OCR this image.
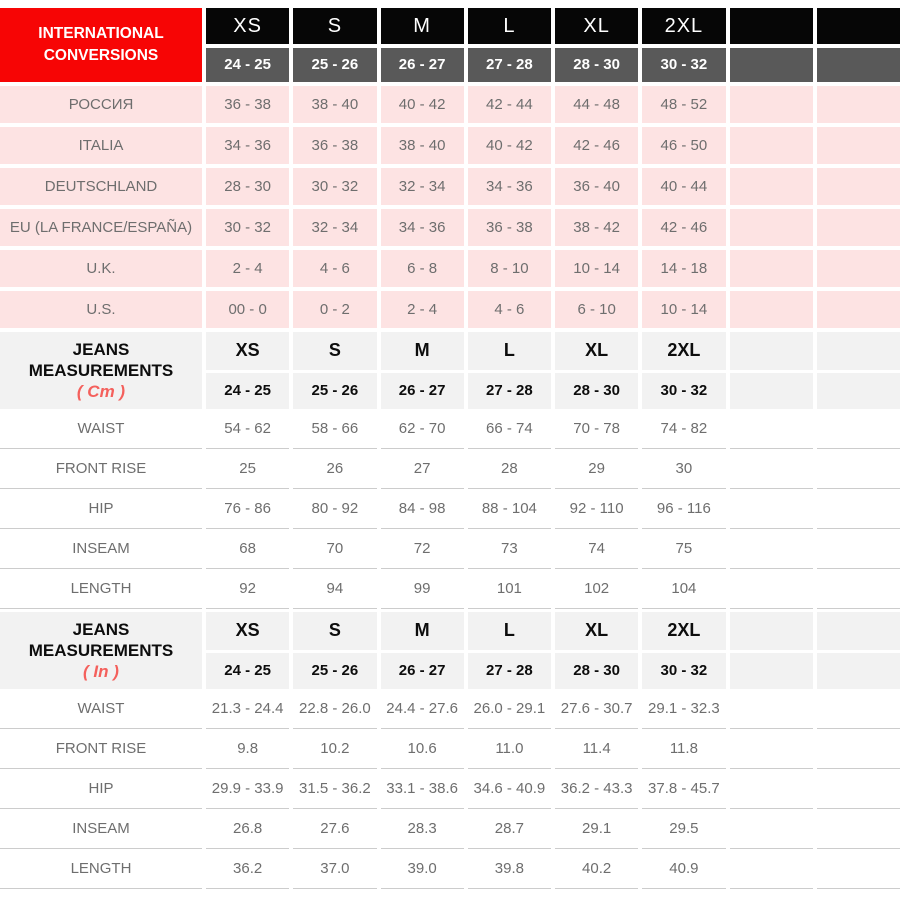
INTERNATIONAL
CONVERSIONS
XS	S	M	L	XL	2XL
24 - 25	25 - 26	26 - 27	27 - 28	28 - 30	30 - 32
РОССИЯ	36 - 38	38 - 40	40 - 42	42 - 44	44 - 48	48 - 52
ITALIA	34 - 36	36 - 38	38 - 40	40 - 42	42 - 46	46 - 50
DEUTSCHLAND	28 - 30	30 - 32	32 - 34	34 - 36	36 - 40	40 - 44
EU (LA FRANCE/ESPAÑA)	30 - 32	32 - 34	34 - 36	36 - 38	38 - 42	42 - 46
U.K.	2 - 4	4 - 6	6 - 8	8 - 10	10 - 14	14 - 18
U.S.	00 - 0	0 - 2	2 - 4	4 - 6	6 - 10	10 - 14
JEANS
MEASUREMENTS
( Cm )
XS	S	M	L	XL	2XL
24 - 25	25 - 26	26 - 27	27 - 28	28 - 30	30 - 32
WAIST	54 - 62	58 - 66	62 - 70	66 - 74	70 - 78	74 - 82
FRONT RISE	25	26	27	28	29	30
HIP	76 - 86	80 - 92	84 - 98	88 - 104	92 - 110	96 - 116
INSEAM	68	70	72	73	74	75
LENGTH	92	94	99	101	102	104
JEANS
MEASUREMENTS
( In )
XS	S	M	L	XL	2XL
24 - 25	25 - 26	26 - 27	27 - 28	28 - 30	30 - 32
WAIST	21.3 - 24.4	22.8 - 26.0	24.4 - 27.6	26.0 - 29.1	27.6 - 30.7	29.1 - 32.3
FRONT RISE	9.8	10.2	10.6	11.0	11.4	11.8
HIP	29.9 - 33.9	31.5 - 36.2	33.1 - 38.6	34.6 - 40.9	36.2 - 43.3	37.8 - 45.7
INSEAM	26.8	27.6	28.3	28.7	29.1	29.5
LENGTH	36.2	37.0	39.0	39.8	40.2	40.9
